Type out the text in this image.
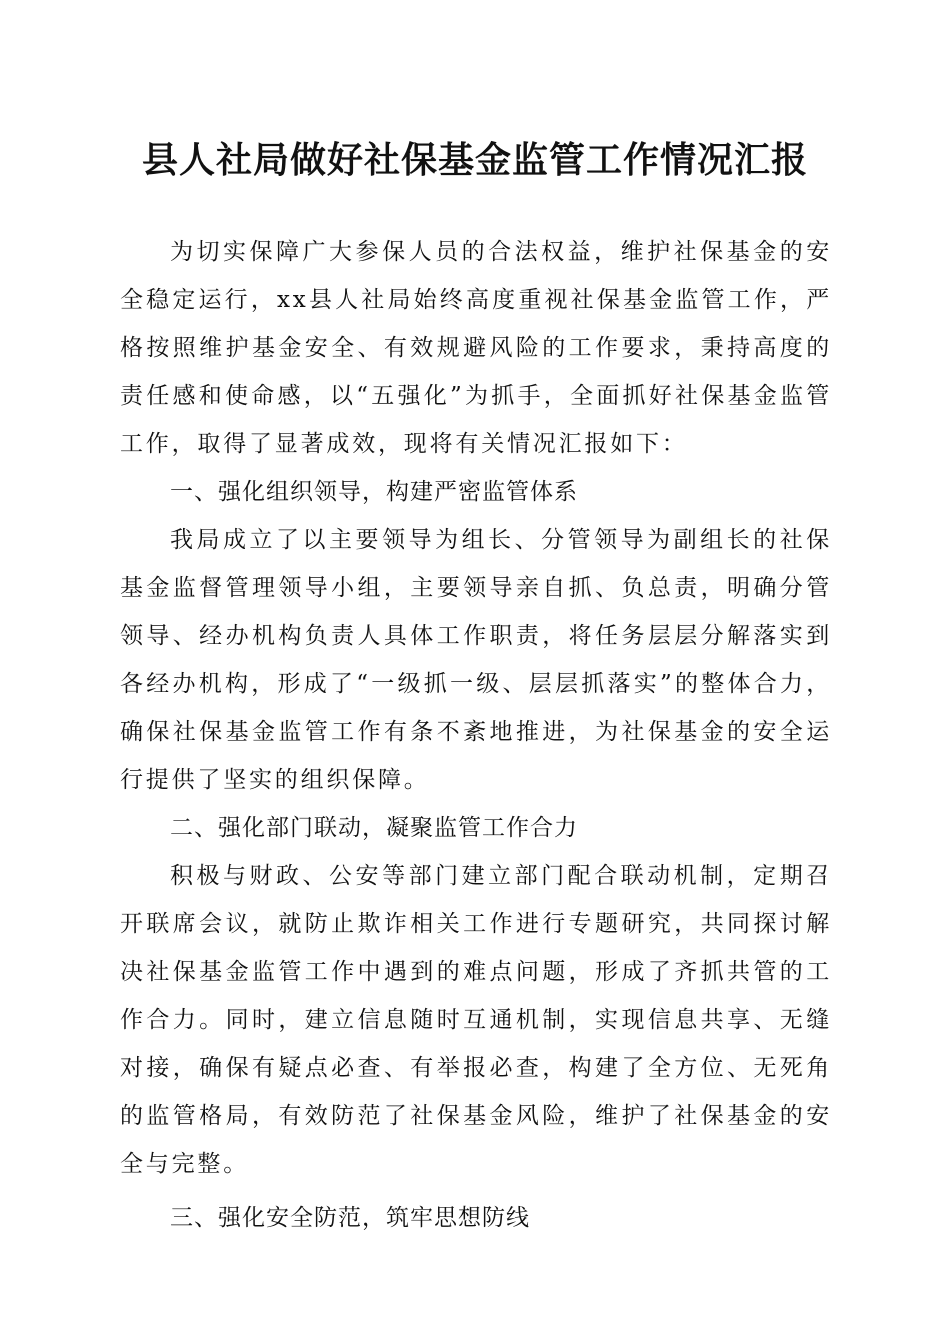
县人社局做好社保基金监管工作情况汇报

为切实保障广大参保人员的合法权益，维护社保基金的安全稳定运行，xx县人社局始终高度重视社保基金监管工作，严格按照维护基金安全、有效规避风险的工作要求，秉持高度的责任感和使命感，以“五强化”为抓手，全面抓好社保基金监管工作，取得了显著成效，现将有关情况汇报如下：

一、强化组织领导，构建严密监管体系

我局成立了以主要领导为组长、分管领导为副组长的社保基金监督管理领导小组，主要领导亲自抓、负总责，明确分管领导、经办机构负责人具体工作职责，将任务层层分解落实到各经办机构，形成了“一级抓一级、层层抓落实”的整体合力，确保社保基金监管工作有条不紊地推进，为社保基金的安全运行提供了坚实的组织保障。

二、强化部门联动，凝聚监管工作合力

积极与财政、公安等部门建立部门配合联动机制，定期召开联席会议，就防止欺诈相关工作进行专题研究，共同探讨解决社保基金监管工作中遇到的难点问题，形成了齐抓共管的工作合力。同时，建立信息随时互通机制，实现信息共享、无缝对接，确保有疑点必查、有举报必查，构建了全方位、无死角的监管格局，有效防范了社保基金风险，维护了社保基金的安全与完整。

三、强化安全防范，筑牢思想防线
